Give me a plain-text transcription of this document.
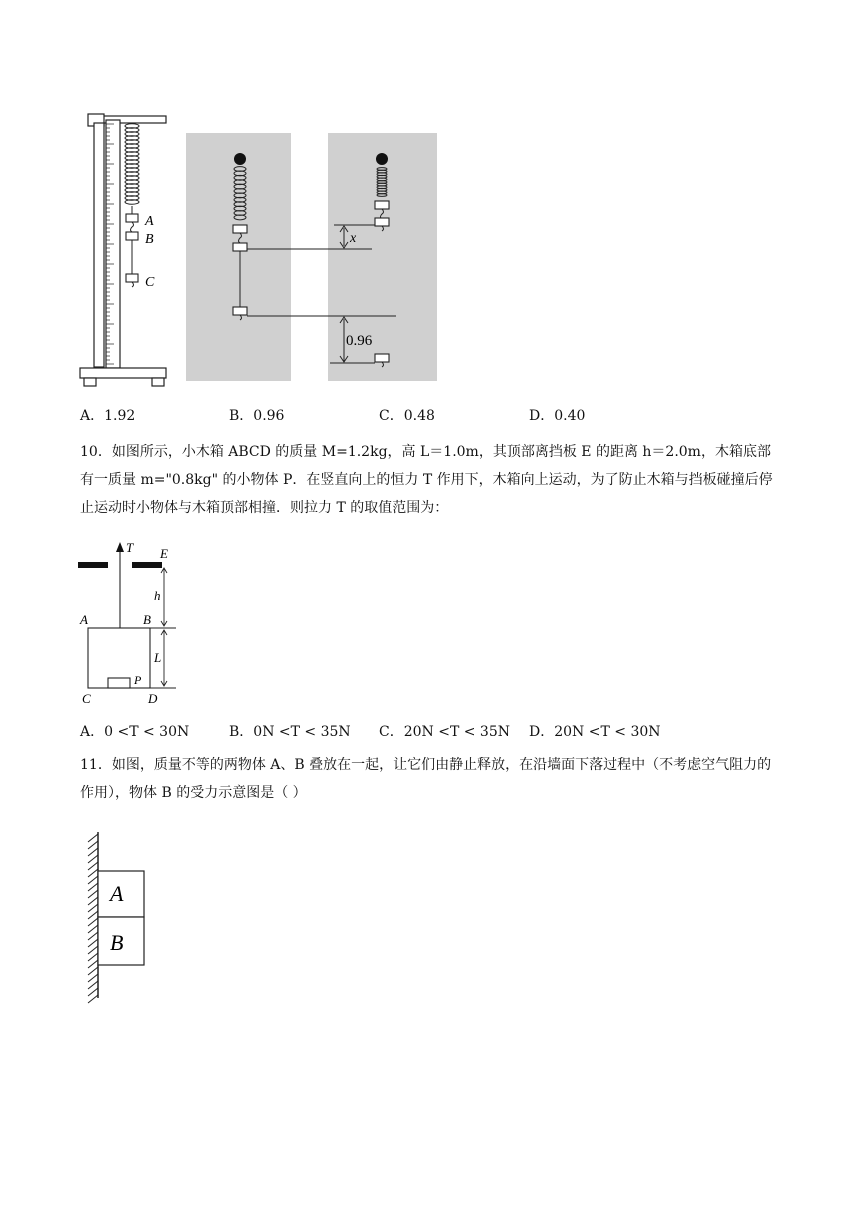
A
B
C
x
0.96
A．1.92	B．0.96	C．0.48	D．0.40
10．如图所示，小木箱 ABCD 的质量 M=1.2kg，高 L＝1.0m，其顶部离挡板 E 的距离 h＝2.0m，木箱底部有一质量 m="0.8kg" 的小物体 P．在竖直向上的恒力 T 作用下，木箱向上运动，为了防止木箱与挡板碰撞后停止运动时小物体与木箱顶部相撞．则拉力 T 的取值范围为：
T E
A	B
C	D
P
h
L
A．0 <T < 30N	B．0N <T < 35N C．20N <T < 35N D．20N <T < 30N
11．如图，质量不等的两物体 A、B 叠放在一起，让它们由静止释放，在沿墙面下落过程中（不考虑空气阻力的作用），物体 B 的受力示意图是（ ）
A
B
